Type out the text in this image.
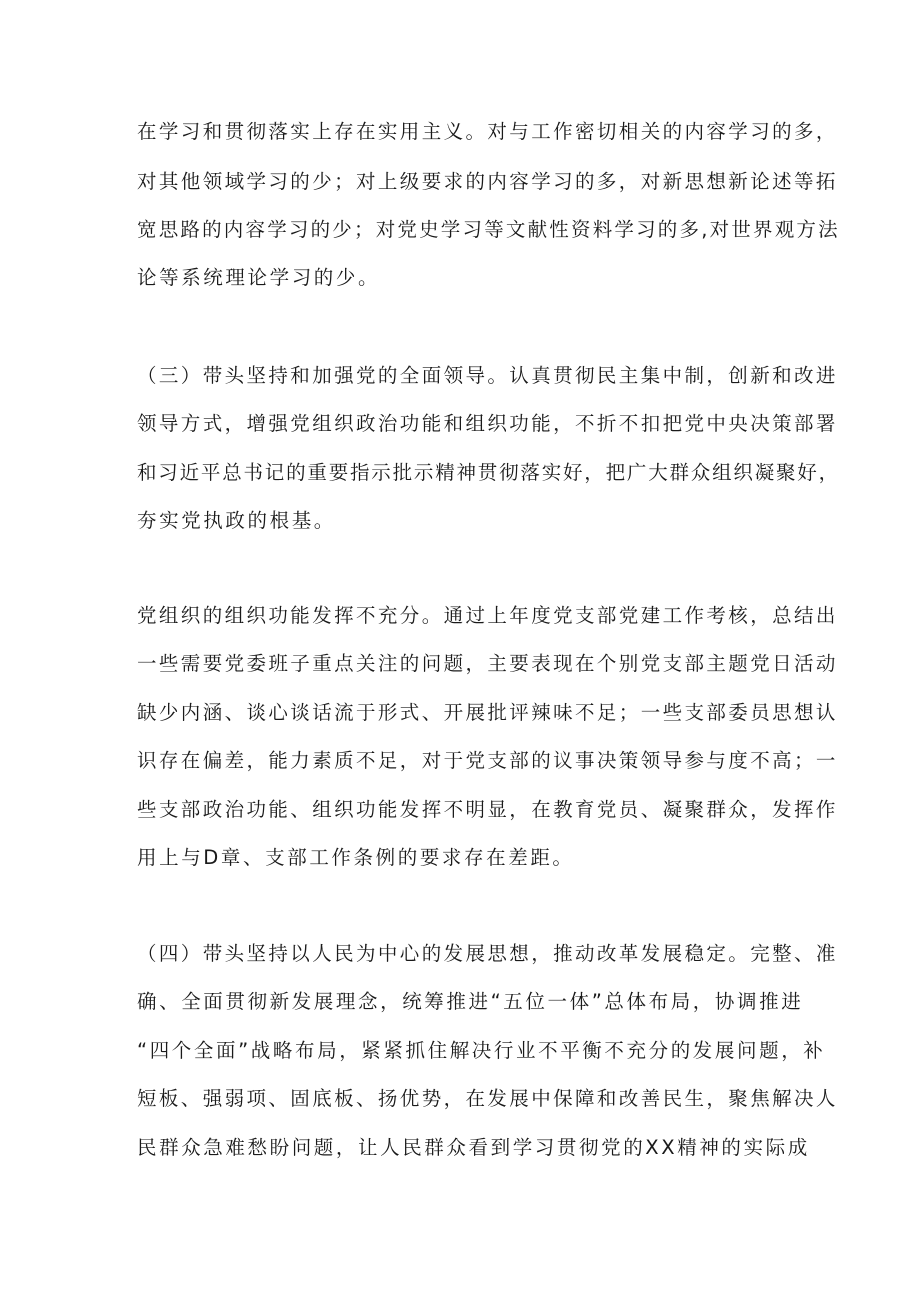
在学习和贯彻落实上存在实用主义。对与工作密切相关的内容学习的多，
对其他领域学习的少；对上级要求的内容学习的多，对新思想新论述等拓
宽思路的内容学习的少；对党史学习等文献性资料学习的多,对世界观方法
论等系统理论学习的少。
（三）带头坚持和加强党的全面领导。认真贯彻民主集中制，创新和改进
领导方式，增强党组织政治功能和组织功能，不折不扣把党中央决策部署
和习近平总书记的重要指示批示精神贯彻落实好，把广大群众组织凝聚好，
夯实党执政的根基。
党组织的组织功能发挥不充分。通过上年度党支部党建工作考核，总结出
一些需要党委班子重点关注的问题，主要表现在个别党支部主题党日活动
缺少内涵、谈心谈话流于形式、开展批评辣味不足；一些支部委员思想认
识存在偏差，能力素质不足，对于党支部的议事决策领导参与度不高；一
些支部政治功能、组织功能发挥不明显，在教育党员、凝聚群众，发挥作
用上与D章、支部工作条例的要求存在差距。
（四）带头坚持以人民为中心的发展思想，推动改革发展稳定。完整、准
确、全面贯彻新发展理念，统筹推进“五位一体”总体布局，协调推进
“四个全面”战略布局，紧紧抓住解决行业不平衡不充分的发展问题，补
短板、强弱项、固底板、扬优势，在发展中保障和改善民生，聚焦解决人
民群众急难愁盼问题，让人民群众看到学习贯彻党的XX精神的实际成
